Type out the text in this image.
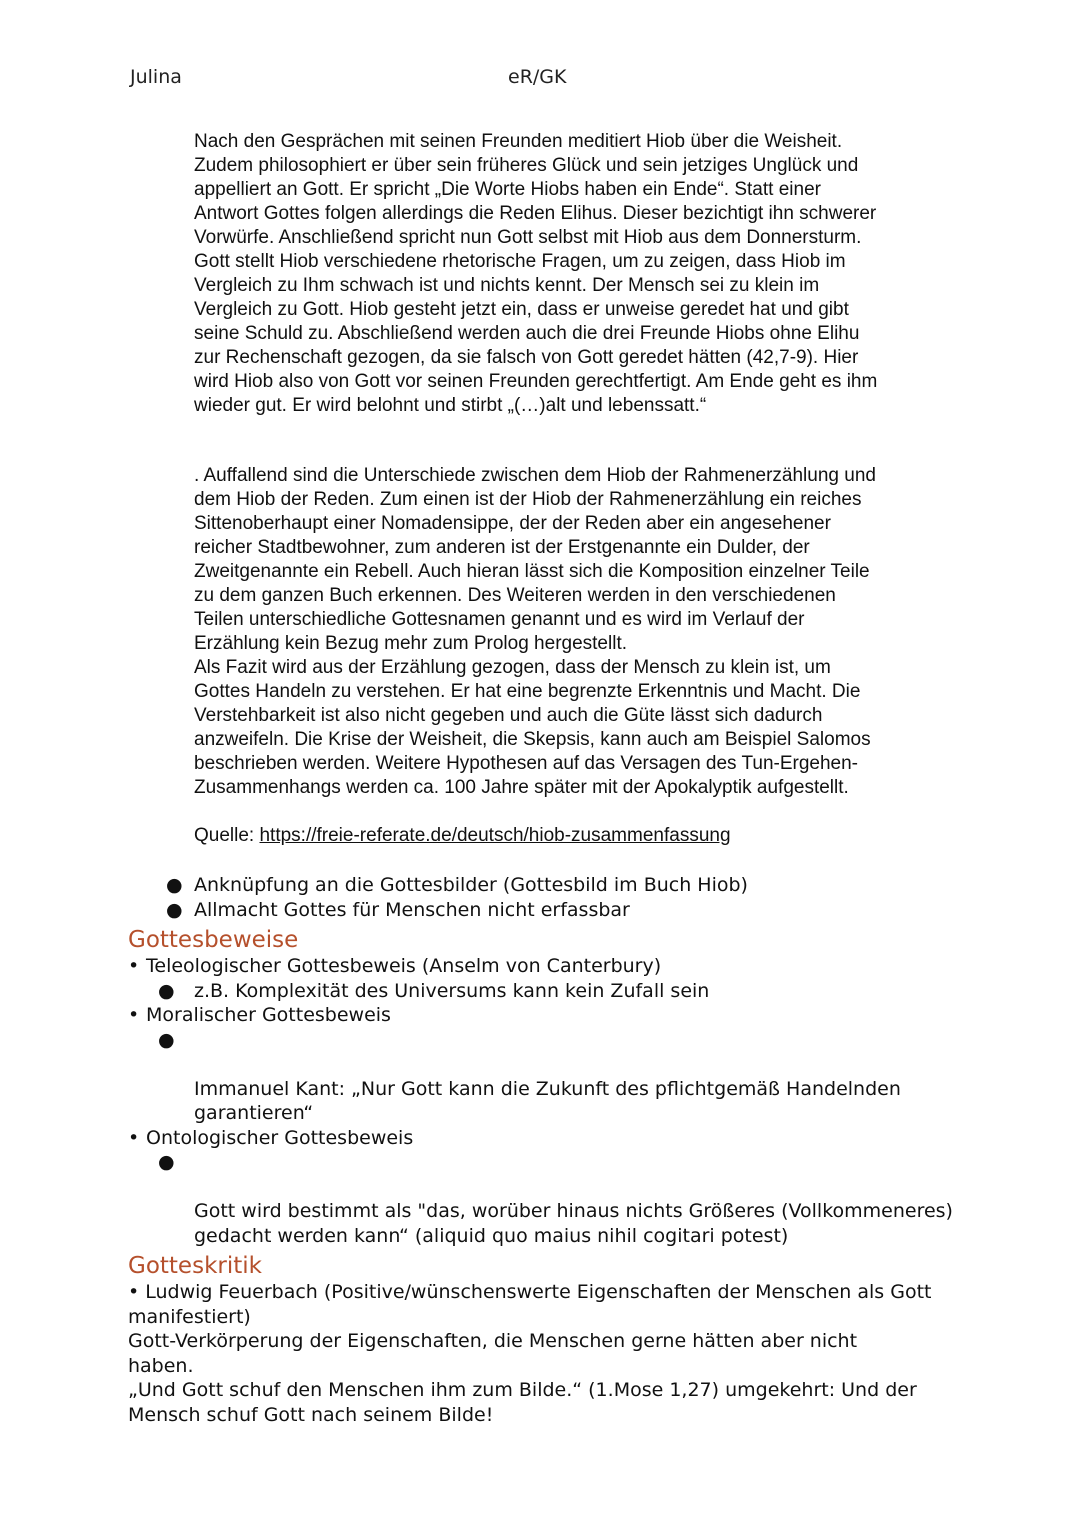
Julina	eR/GK

Nach den Gesprächen mit seinen Freunden meditiert Hiob über die Weisheit.
Zudem philosophiert er über sein früheres Glück und sein jetziges Unglück und
appelliert an Gott. Er spricht „Die Worte Hiobs haben ein Ende“. Statt einer
Antwort Gottes folgen allerdings die Reden Elihus. Dieser bezichtigt ihn schwerer
Vorwürfe. Anschließend spricht nun Gott selbst mit Hiob aus dem Donnersturm.
Gott stellt Hiob verschiedene rhetorische Fragen, um zu zeigen, dass Hiob im
Vergleich zu Ihm schwach ist und nichts kennt. Der Mensch sei zu klein im
Vergleich zu Gott. Hiob gesteht jetzt ein, dass er unweise geredet hat und gibt
seine Schuld zu. Abschließend werden auch die drei Freunde Hiobs ohne Elihu
zur Rechenschaft gezogen, da sie falsch von Gott geredet hätten (42,7-9). Hier
wird Hiob also von Gott vor seinen Freunden gerechtfertigt. Am Ende geht es ihm
wieder gut. Er wird belohnt und stirbt „(…)alt und lebenssatt.“

. Auffallend sind die Unterschiede zwischen dem Hiob der Rahmenerzählung und
dem Hiob der Reden. Zum einen ist der Hiob der Rahmenerzählung ein reiches
Sittenoberhaupt einer Nomadensippe, der der Reden aber ein angesehener
reicher Stadtbewohner, zum anderen ist der Erstgenannte ein Dulder, der
Zweitgenannte ein Rebell. Auch hieran lässt sich die Komposition einzelner Teile
zu dem ganzen Buch erkennen. Des Weiteren werden in den verschiedenen
Teilen unterschiedliche Gottesnamen genannt und es wird im Verlauf der
Erzählung kein Bezug mehr zum Prolog hergestellt.
Als Fazit wird aus der Erzählung gezogen, dass der Mensch zu klein ist, um
Gottes Handeln zu verstehen. Er hat eine begrenzte Erkenntnis und Macht. Die
Verstehbarkeit ist also nicht gegeben und auch die Güte lässt sich dadurch
anzweifeln. Die Krise der Weisheit, die Skepsis, kann auch am Beispiel Salomos
beschrieben werden. Weitere Hypothesen auf das Versagen des Tun-Ergehen-
Zusammenhangs werden ca. 100 Jahre später mit der Apokalyptik aufgestellt.

Quelle: https://freie-referate.de/deutsch/hiob-zusammenfassung
● Anknüpfung an die Gottesbilder (Gottesbild im Buch Hiob)
● Allmacht Gottes für Menschen nicht erfassbar
Gottesbeweise
• Teleologischer Gottesbeweis (Anselm von Canterbury)
● z.B. Komplexität des Universums kann kein Zufall sein
• Moralischer Gottesbeweis

●

Immanuel Kant: „Nur Gott kann die Zukunft des pflichtgemäß Handelnden
garantieren“

• Ontologischer Gottesbeweis

●

Gott wird bestimmt als "das, worüber hinaus nichts Größeres (Vollkommeneres)
gedacht werden kann“ (aliquid quo maius nihil cogitari potest)

Gotteskritik
• Ludwig Feuerbach (Positive/wünschenswerte Eigenschaften der Menschen als Gott
manifestiert)

Gott-Verkörperung der Eigenschaften, die Menschen gerne hätten aber nicht
haben.

„Und Gott schuf den Menschen ihm zum Bilde.“ (1.Mose 1,27) umgekehrt: Und der
Mensch schuf Gott nach seinem Bilde!
